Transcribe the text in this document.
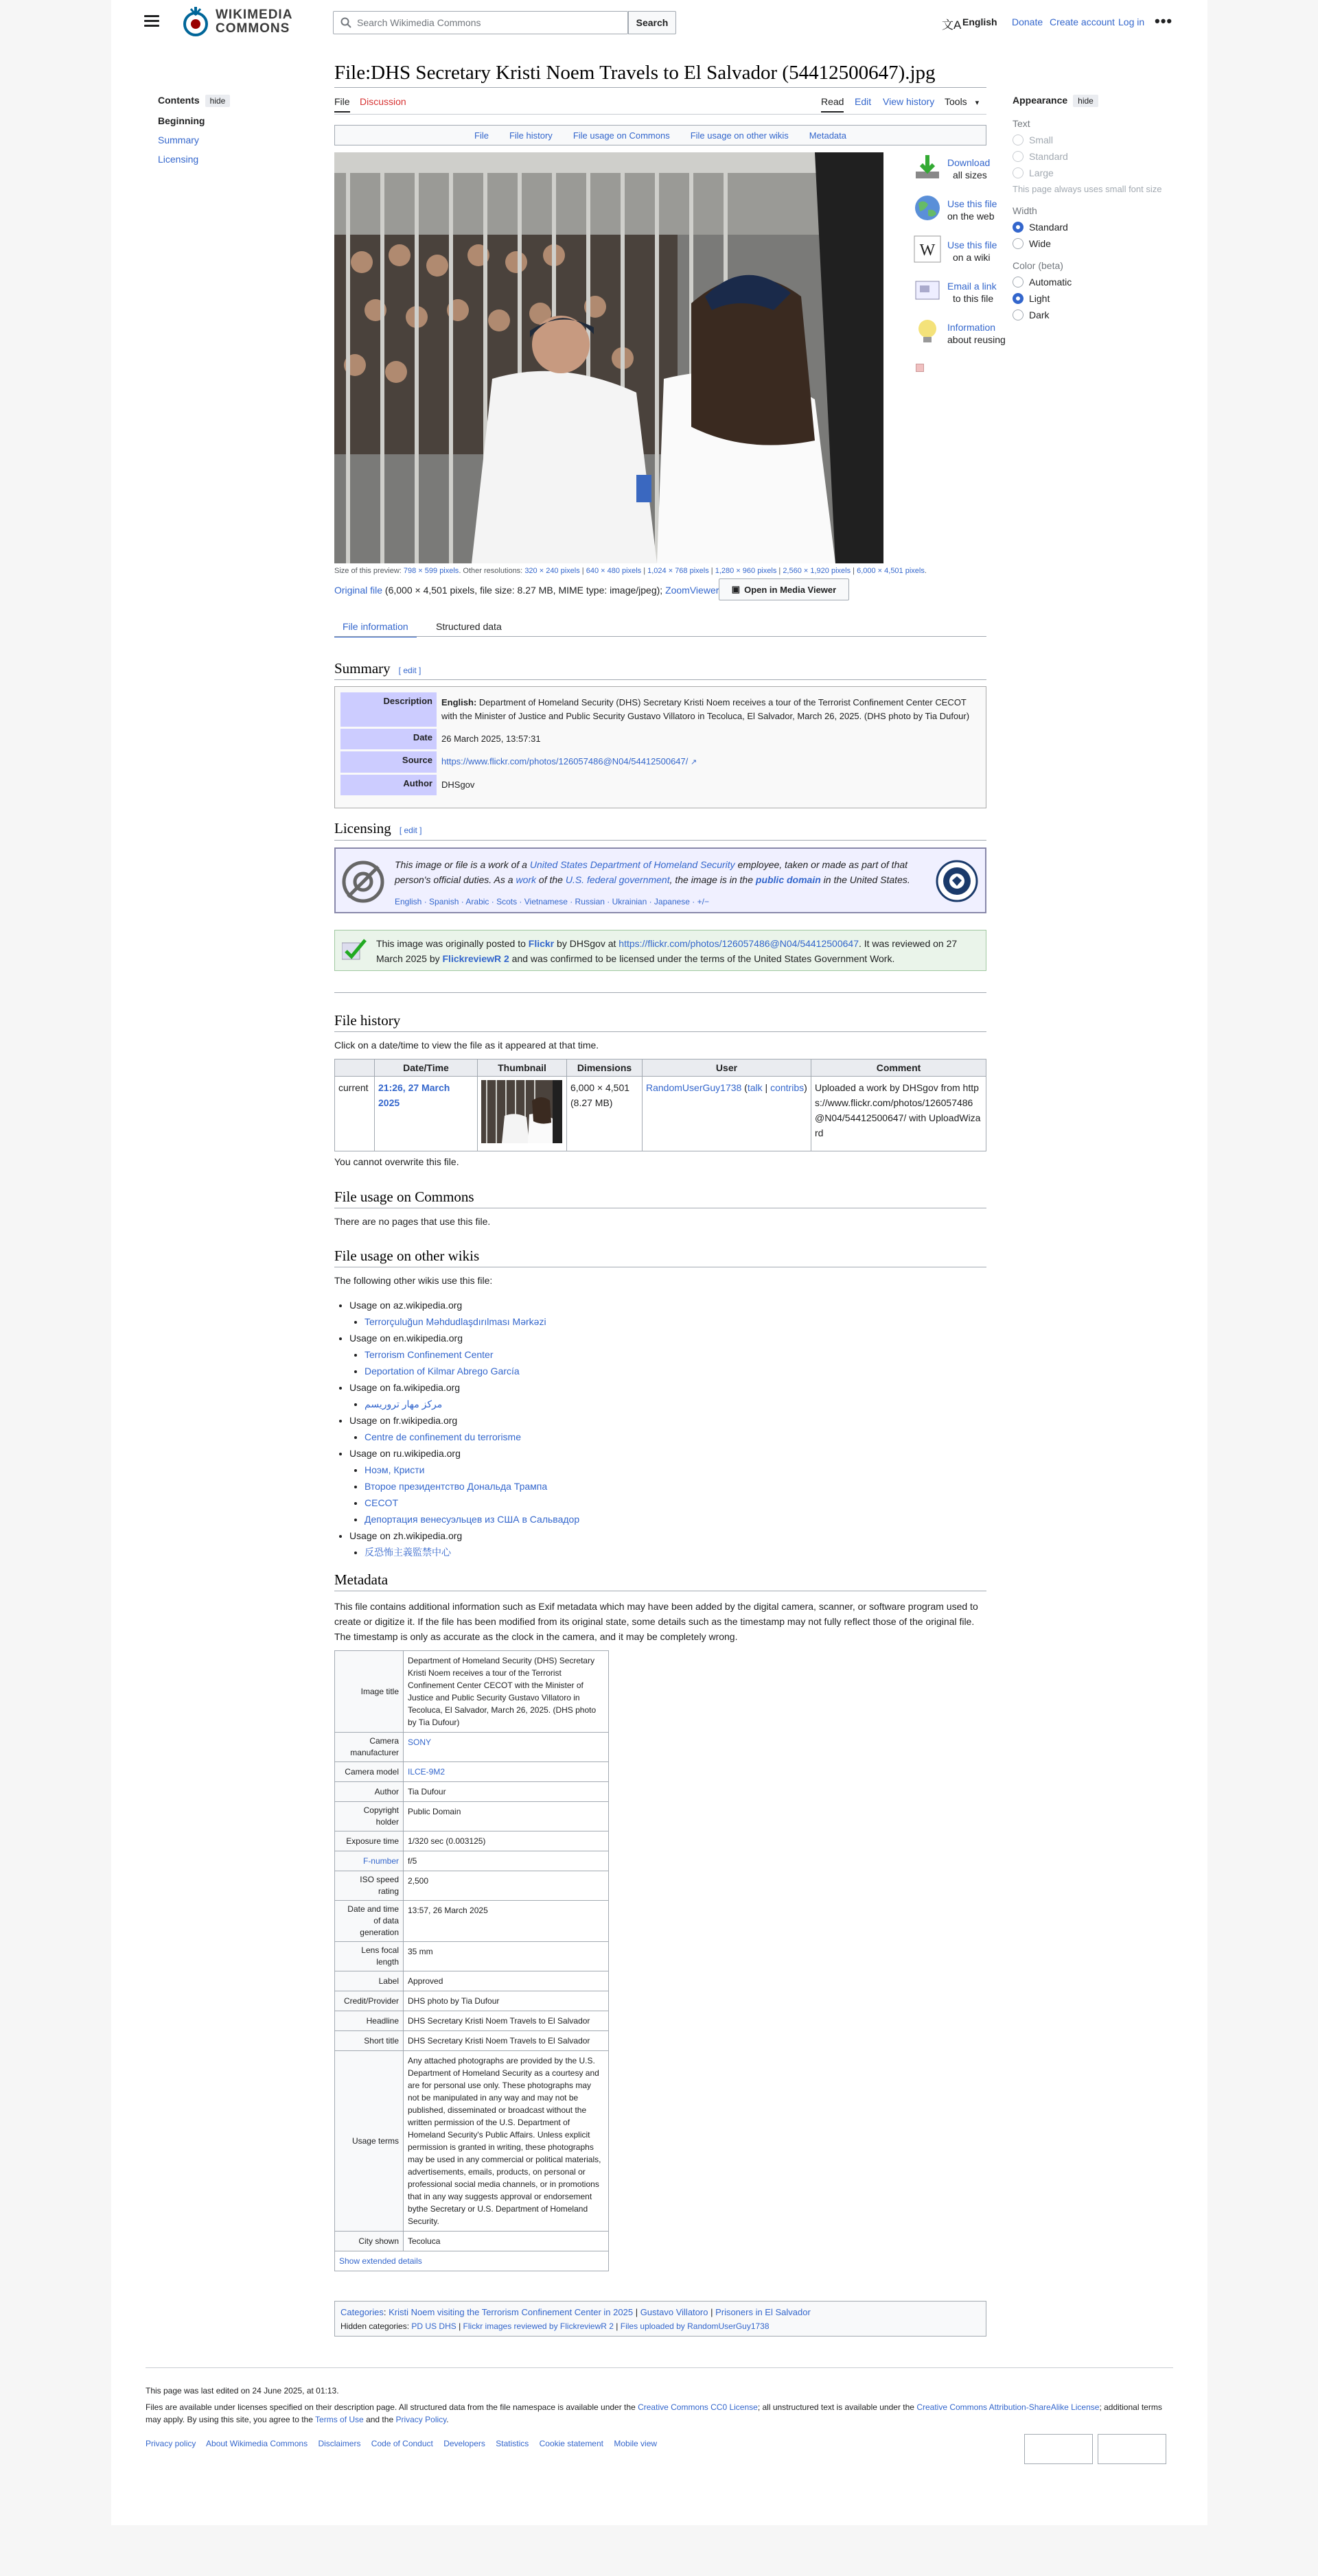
WIKIMEDIA
COMMONS
Search Wikimedia Commons	Search	文A English Donate Create account Log in •••
Contents hide
Beginning
Summary
Licensing
File:DHS Secretary Kristi Noem Travels to El Salvador (54412500647).jpg
File Discussion	Read Edit View history Tools ▾	Appearance hide
Text
Small
Standard
Large
This page always uses small font size
Width
Standard
Wide
Color (beta)
Automatic
Light
Dark
File File history File usage on Commons File usage on other wikis Metadata
Download
all sizes
Use this file
on the web
W Use this file
on a wiki
Email a link
to this file
Information
about reusing
Size of this preview: 798 × 599 pixels. Other resolutions: 320 × 240 pixels | 640 × 480 pixels | 1,024 × 768 pixels | 1,280 × 960 pixels | 2,560 × 1,920 pixels | 6,000 × 4,501 pixels.
Original file (6,000 × 4,501 pixels, file size: 8.27 MB, MIME type: image/jpeg); ZoomViewer ▣ Open in Media Viewer
File information	Structured data
Summary [ edit ]
Description	English: Department of Homeland Security (DHS) Secretary Kristi Noem receives a tour of the Terrorist Confinement Center CECOT with the Minister of Justice and Public Security Gustavo Villatoro in Tecoluca, El Salvador, March 26, 2025. (DHS photo by Tia Dufour)
Date	26 March 2025, 13:57:31
Source	https://www.flickr.com/photos/126057486@N04/54412500647/ ↗
Author	DHSgov
Licensing [ edit ]
This image or file is a work of a United States Department of Homeland Security employee, taken or made as part of that person's official duties. As a work of the U.S. federal government, the image is in the public domain in the United States.
English · Spanish · Arabic · Scots · Vietnamese · Russian · Ukrainian · Japanese · +/−
This image was originally posted to Flickr by DHSgov at https://flickr.com/photos/126057486@N04/54412500647. It was reviewed on 27 March 2025 by FlickreviewR 2 and was confirmed to be licensed under the terms of the United States Government Work.
File history
Click on a date/time to view the file as it appeared at that time.
	Date/Time	Thumbnail	Dimensions	User	Comment
current	21:26, 27 March 2025		6,000 × 4,501
(8.27 MB)	RandomUserGuy1738 (talk | contribs)	Uploaded a work by DHSgov from https://www.flickr.com/photos/126057486@N04/54412500647/ with UploadWizard
You cannot overwrite this file.
File usage on Commons
There are no pages that use this file.
File usage on other wikis
The following other wikis use this file:
• Usage on az.wikipedia.org
• Terrorçuluğun Məhdudlaşdırılması Mərkəzi
• Usage on en.wikipedia.org
• Terrorism Confinement Center
• Deportation of Kilmar Abrego García
• Usage on fa.wikipedia.org
• مرکز مهار تروریسم
• Usage on fr.wikipedia.org
• Centre de confinement du terrorisme
• Usage on ru.wikipedia.org
• Ноэм, Кристи
• Второе президентство Дональда Трампа
• CECOT
• Депортация венесуэльцев из США в Сальвадор
• Usage on zh.wikipedia.org
• 反恐怖主義監禁中心
Metadata
This file contains additional information such as Exif metadata which may have been added by the digital camera, scanner, or software program used to create or digitize it. If the file has been modified from its original state, some details such as the timestamp may not fully reflect those of the original file. The timestamp is only as accurate as the clock in the camera, and it may be completely wrong.
Image title	Department of Homeland Security (DHS) Secretary Kristi Noem receives a tour of the Terrorist Confinement Center CECOT with the Minister of Justice and Public Security Gustavo Villatoro in Tecoluca, El Salvador, March 26, 2025. (DHS photo by Tia Dufour)
Camera manufacturer	SONY
Camera model	ILCE-9M2
Author	Tia Dufour
Copyright holder	Public Domain
Exposure time	1/320 sec (0.003125)
F-number	f/5
ISO speed rating	2,500
Date and time of data generation	13:57, 26 March 2025
Lens focal length	35 mm
Label	Approved
Credit/Provider	DHS photo by Tia Dufour
Headline	DHS Secretary Kristi Noem Travels to El Salvador
Short title	DHS Secretary Kristi Noem Travels to El Salvador
Usage terms	Any attached photographs are provided by the U.S. Department of Homeland Security as a courtesy and are for personal use only. These photographs may not be manipulated in any way and may not be published, disseminated or broadcast without the written permission of the U.S. Department of Homeland Security's Public Affairs. Unless explicit permission is granted in writing, these photographs may be used in any commercial or political materials, advertisements, emails, products, on personal or professional social media channels, or in promotions that in any way suggests approval or endorsement bythe Secretary or U.S. Department of Homeland Security.
City shown	Tecoluca
Show extended details	
Categories: Kristi Noem visiting the Terrorism Confinement Center in 2025 | Gustavo Villatoro | Prisoners in El Salvador
Hidden categories: PD US DHS | Flickr images reviewed by FlickreviewR 2 | Files uploaded by RandomUserGuy1738
This page was last edited on 24 June 2025, at 01:13.
Files are available under licenses specified on their description page. All structured data from the file namespace is available under the Creative Commons CC0 License; all unstructured text is available under the Creative Commons Attribution-ShareAlike License; additional terms may apply. By using this site, you agree to the Terms of Use and the Privacy Policy.
Privacy policy About Wikimedia Commons Disclaimers Code of Conduct Developers Statistics Cookie statement Mobile view
